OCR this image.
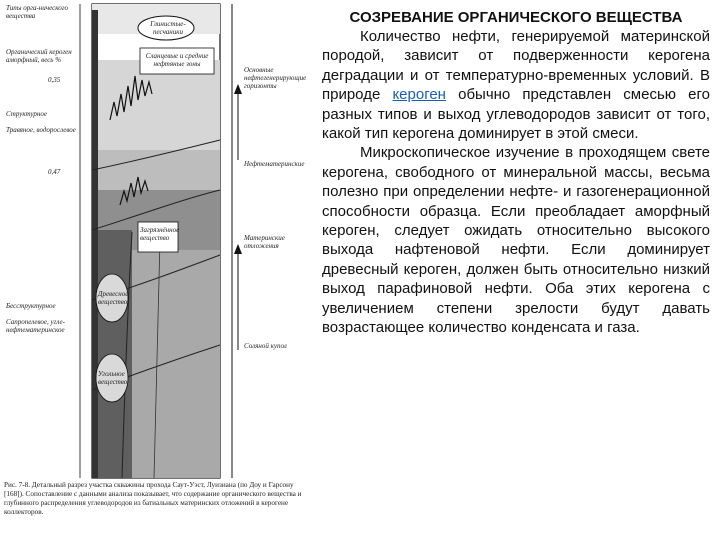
Типы орга-нического вещества
Органический кероген аморфный, весь %
0,35
Структурное
Травяное, водорослевое
0,47
Бесструктурное
Сапропелевое, угле-нефтематеринское
Глинистые-песчаники
Сланцевые и средние нефтяные зоны
Загрязнённое вещество
Древесное вещество
Угольное вещество
Основные нефтегенерирующие горизонты
Нефтематеринские
Материнские отложения
Соляной купол
Рис. 7-8. Детальный разрез участка скважины прохода Саут-Уэст, Луизиана (по Доу и Гарсону [168]). Сопоставление с данными анализа показывает, что содержание органического вещества и глубинного распределения углеводородов из батиальных материнских отложений в керогене коллекторов.
СОЗРЕВАНИЕ ОРГАНИЧЕСКОГО ВЕЩЕСТВА

Количество нефти, генерируемой материнской породой, зависит от подверженности керогена деградации и от температурно-временных условий. В природе кероген обычно представлен смесью его разных типов и выход углеводородов зависит от того, какой тип керогена доминирует в этой смеси.

Микроскопическое изучение в проходящем свете керогена, свободного от минеральной массы, весьма полезно при определении нефте- и газогенерационной способности образца. Если преобладает аморфный кероген, следует ожидать относительно высокого выхода нафтеновой нефти. Если доминирует древесный кероген, должен быть относительно низкий выход парафиновой нефти. Оба этих керогена с увеличением степени зрелости будут давать возрастающее количество конденсата и газа.
